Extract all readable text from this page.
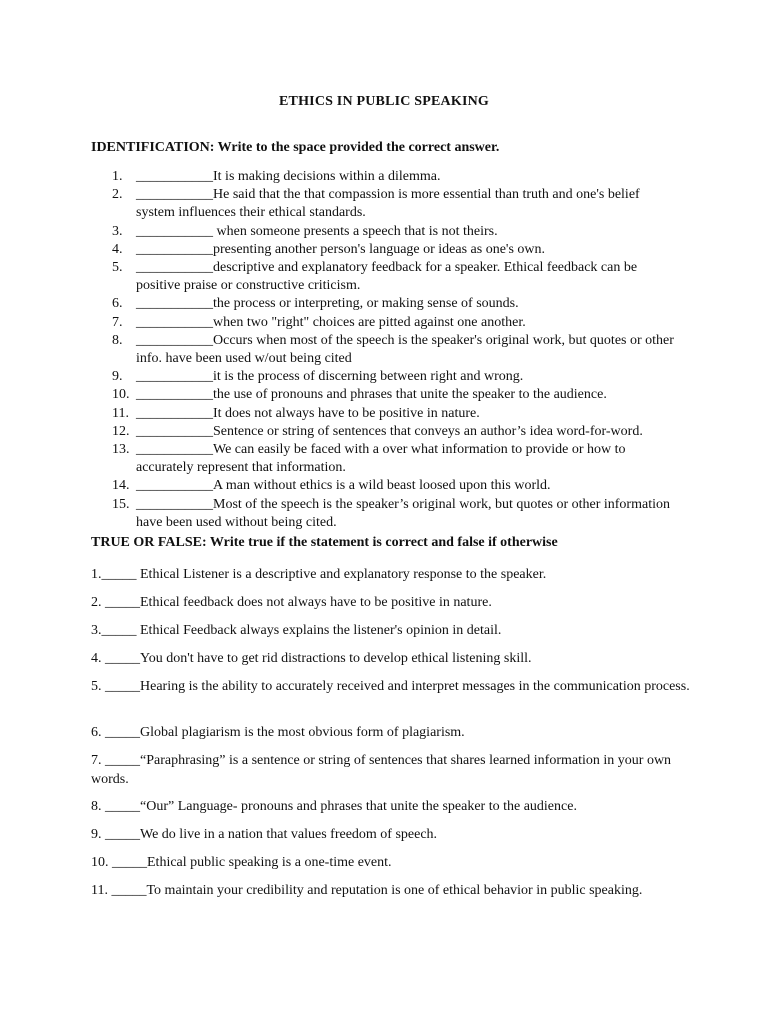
ETHICS IN PUBLIC SPEAKING
IDENTIFICATION: Write to the space provided the correct answer.
1. ___________It is making decisions within a dilemma.
2. ___________He said that the that compassion is more essential than truth and one's belief system influences their ethical standards.
3. ___________ when someone presents a speech that is not theirs.
4. ___________presenting another person's language or ideas as one's own.
5. ___________descriptive and explanatory feedback for a speaker. Ethical feedback can be positive praise or constructive criticism.
6. ___________the process or interpreting, or making sense of sounds.
7. ___________when two "right" choices are pitted against one another.
8. ___________Occurs when most of the speech is the speaker's original work, but quotes or other info. have been used w/out being cited
9. ___________it is the process of discerning between right and wrong.
10. ___________the use of pronouns and phrases that unite the speaker to the audience.
11. ___________It does not always have to be positive in nature.
12. ___________Sentence or string of sentences that conveys an author’s idea word-for-word.
13. ___________We can easily be faced with a over what information to provide or how to accurately represent that information.
14. ___________A man without ethics is a wild beast loosed upon this world.
15. ___________Most of the speech is the speaker’s original work, but quotes or other information have been used without being cited.
TRUE OR FALSE: Write true if the statement is correct and false if otherwise
1._____ Ethical Listener is a descriptive and explanatory response to the speaker.
2. _____Ethical feedback does not always have to be positive in nature.
3._____ Ethical Feedback always explains the listener's opinion in detail.
4. _____You don't have to get rid distractions to develop ethical listening skill.
5. _____Hearing is the ability to accurately received and interpret messages in the communication process.
6. _____Global plagiarism is the most obvious form of plagiarism.
7. _____“Paraphrasing” is a sentence or string of sentences that shares learned information in your own words.
8. _____“Our” Language- pronouns and phrases that unite the speaker to the audience.
9. _____We do live in a nation that values freedom of speech.
10. _____Ethical public speaking is a one-time event.
11. _____To maintain your credibility and reputation is one of ethical behavior in public speaking.
